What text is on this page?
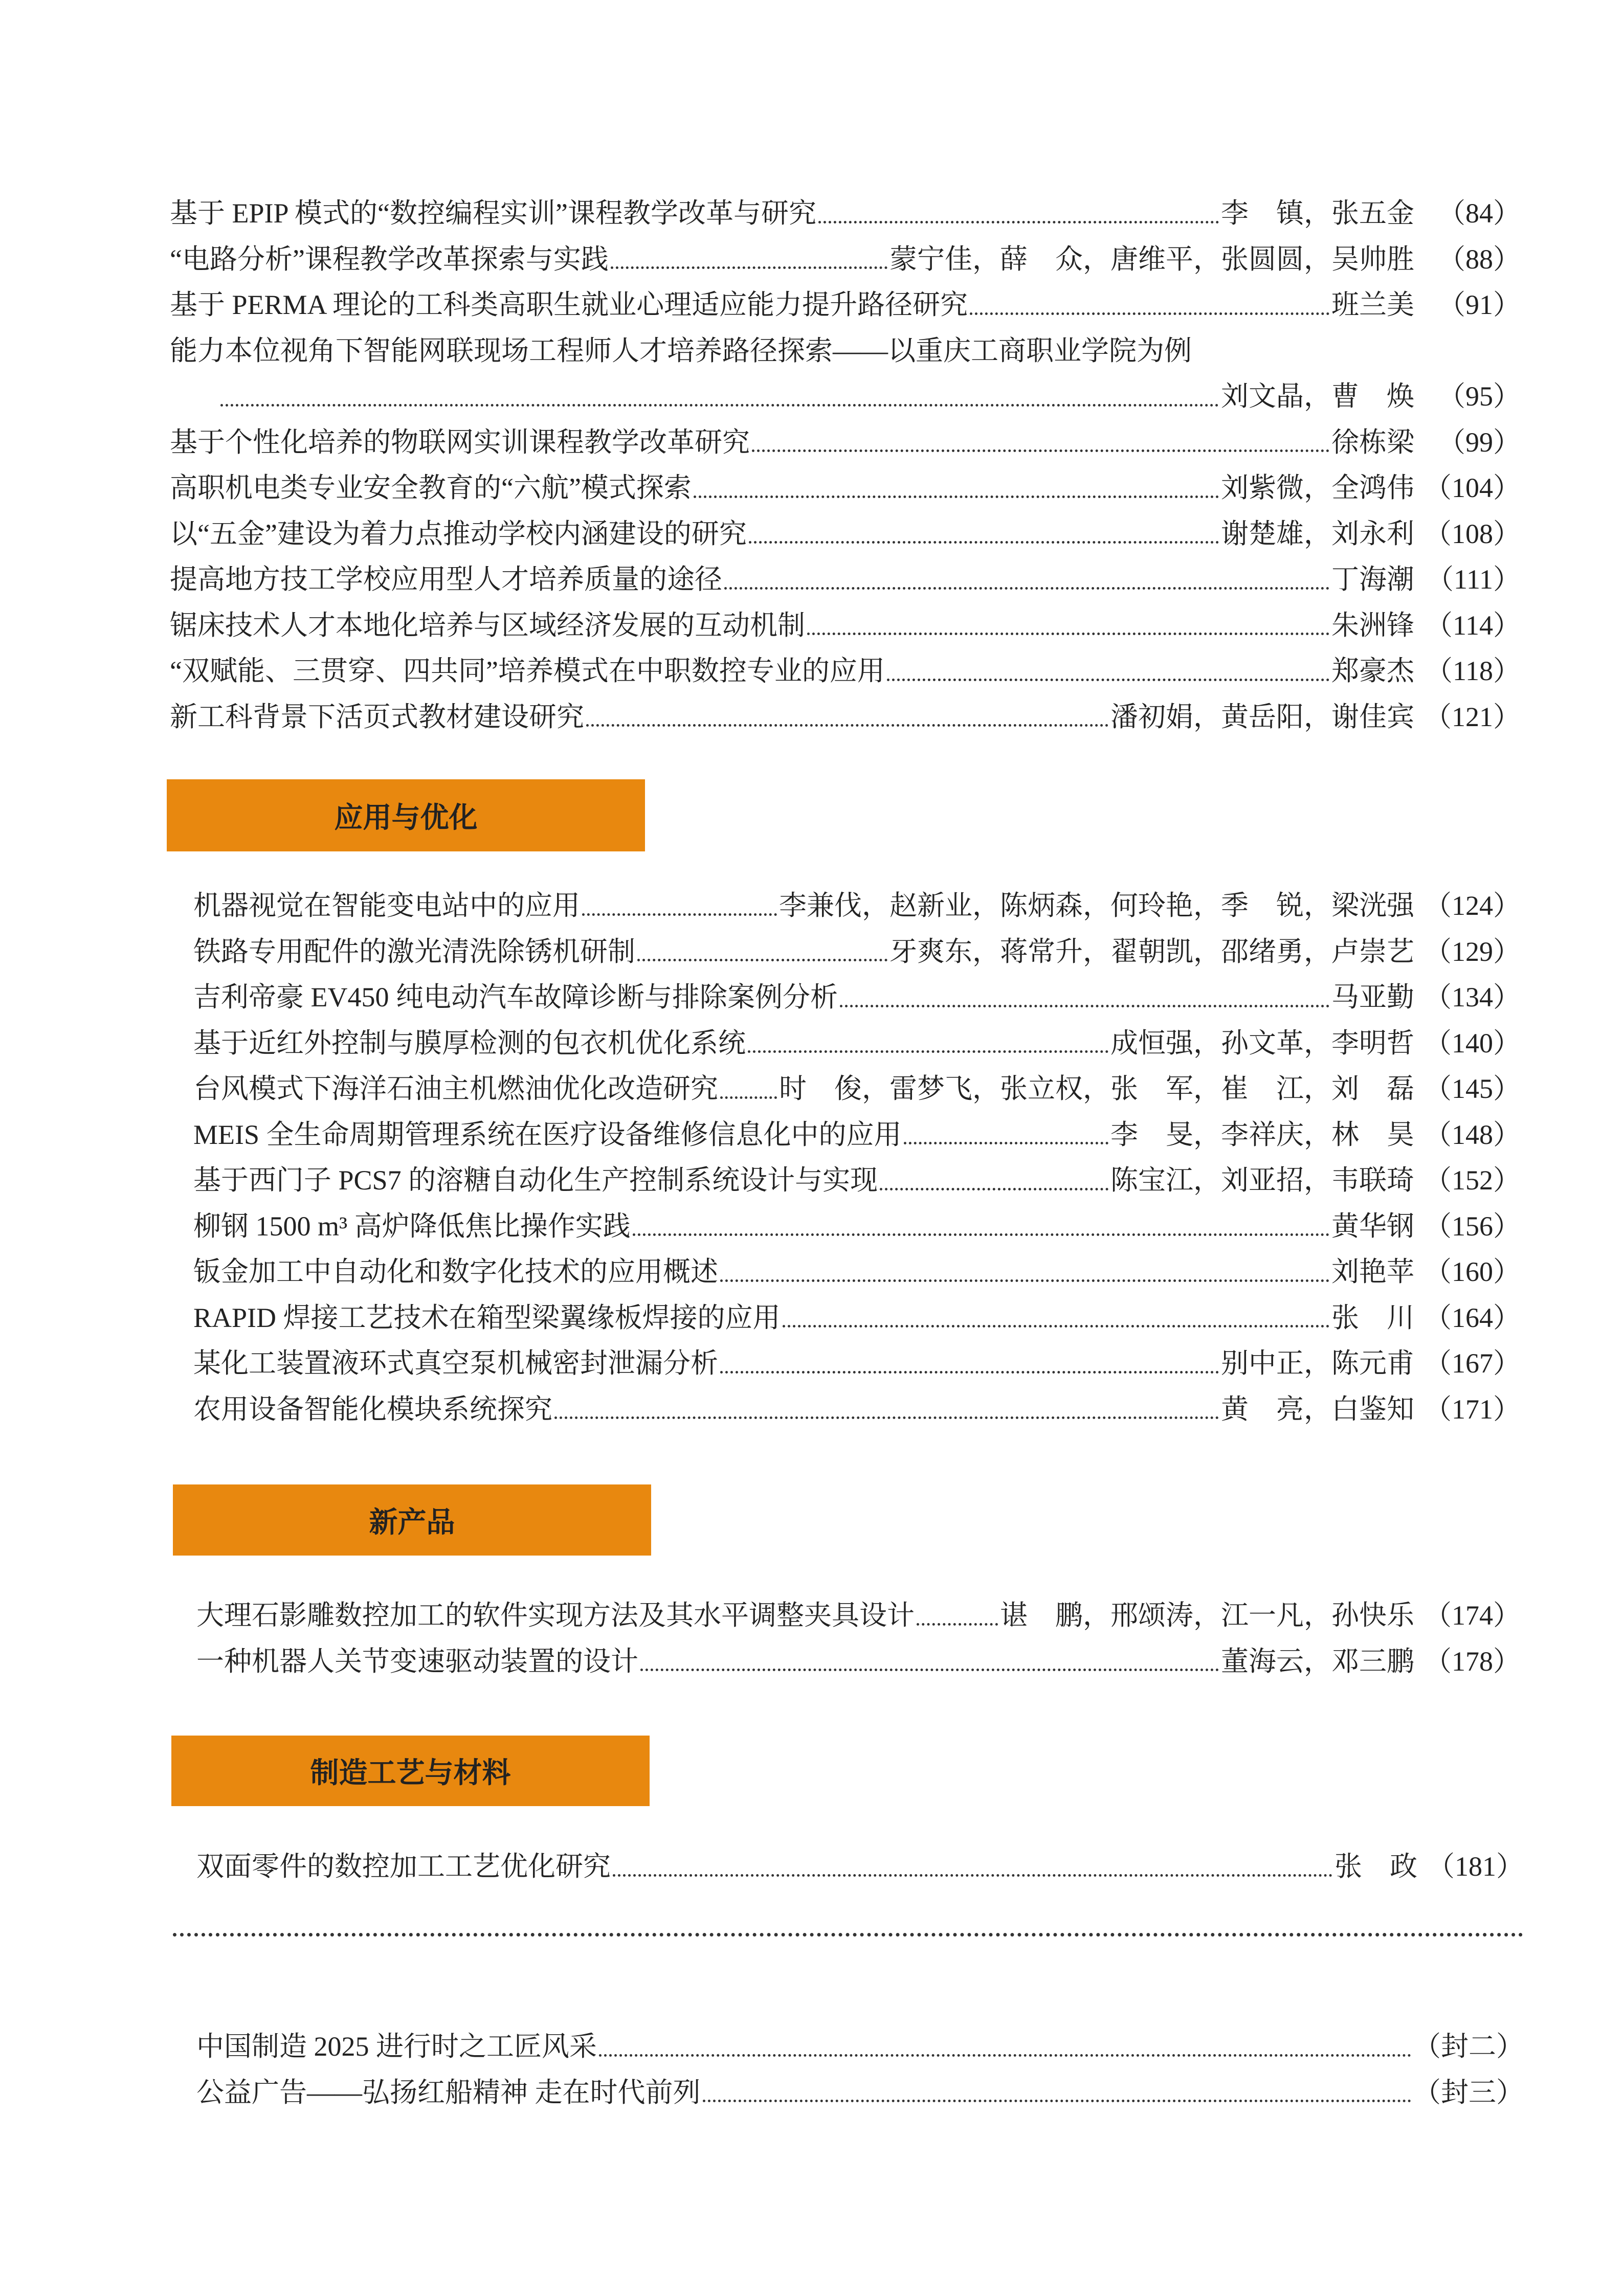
基于 EPIP 模式的“数控编程实训”课程教学改革与研究	李　镇，张五金 （84）
“电路分析”课程教学改革探索与实践	蒙宁佳，薛　众，唐维平，张圆圆，吴帅胜 （88）
基于 PERMA 理论的工科类高职生就业心理适应能力提升路径研究	班兰美 （91）
能力本位视角下智能网联现场工程师人才培养路径探索——以重庆工商职业学院为例
刘文晶，曹　焕 （95）
基于个性化培养的物联网实训课程教学改革研究	徐栋梁 （99）
高职机电类专业安全教育的“六航”模式探索	刘紫微，全鸿伟 （104）
以“五金”建设为着力点推动学校内涵建设的研究	谢楚雄，刘永利 （108）
提高地方技工学校应用型人才培养质量的途径	丁海潮 （111）
锯床技术人才本地化培养与区域经济发展的互动机制	朱洲锋 （114）
“双赋能、三贯穿、四共同”培养模式在中职数控专业的应用	郑豪杰 （118）
新工科背景下活页式教材建设研究	潘初娟，黄岳阳，谢佳宾 （121）
应用与优化
机器视觉在智能变电站中的应用	李兼伐，赵新业，陈炳森，何玲艳，季　锐，梁洸强 （124）
铁路专用配件的激光清洗除锈机研制	牙爽东，蒋常升，翟朝凯，邵绪勇，卢崇艺 （129）
吉利帝豪 EV450 纯电动汽车故障诊断与排除案例分析	马亚勤 （134）
基于近红外控制与膜厚检测的包衣机优化系统	成恒强，孙文革，李明哲 （140）
台风模式下海洋石油主机燃油优化改造研究 时　俊，雷梦飞，张立权，张　军，崔　江，刘　磊 （145）
MEIS 全生命周期管理系统在医疗设备维修信息化中的应用	李　旻，李祥庆，林　昊 （148）
基于西门子 PCS7 的溶糖自动化生产控制系统设计与实现	陈宝江，刘亚招，韦联琦 （152）
柳钢 1500 m³ 高炉降低焦比操作实践	黄华钢 （156）
钣金加工中自动化和数字化技术的应用概述	刘艳苹 （160）
RAPID 焊接工艺技术在箱型梁翼缘板焊接的应用	张　川 （164）
某化工装置液环式真空泵机械密封泄漏分析	别中正，陈元甫 （167）
农用设备智能化模块系统探究	黄　亮，白鉴知 （171）
新产品
大理石影雕数控加工的软件实现方法及其水平调整夹具设计	谌　鹏，邢颂涛，江一凡，孙快乐 （174）
一种机器人关节变速驱动装置的设计	董海云，邓三鹏 （178）
制造工艺与材料
双面零件的数控加工工艺优化研究	张　政 （181）
中国制造 2025 进行时之工匠风采	（封二）
公益广告——弘扬红船精神 走在时代前列	（封三）
